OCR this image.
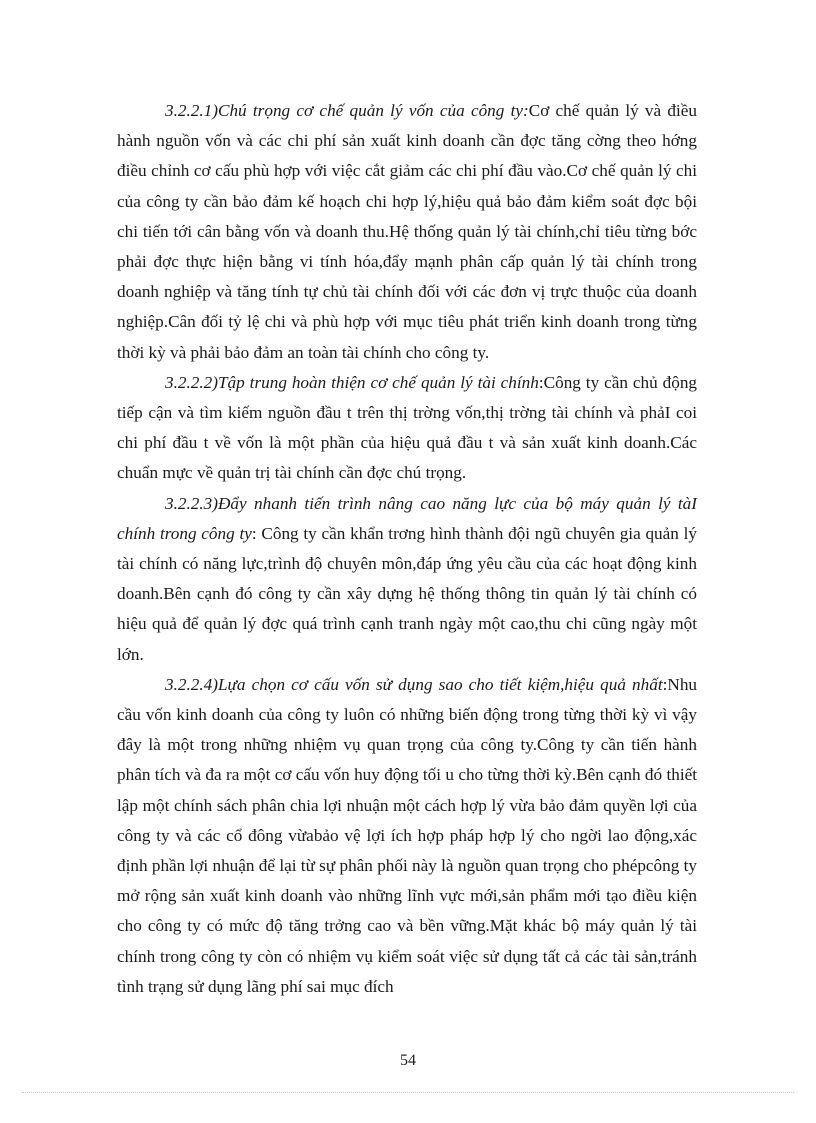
3.2.2.1)Chú trọng cơ chế quản lý vốn của công ty:Cơ chế quản lý và điều hành nguồn vốn và các chi phí sản xuất kinh doanh cần đợc tăng cờng theo hớng điều chỉnh cơ cấu phù hợp với việc cắt giảm các chi phí đầu vào.Cơ chế quản lý chi của công ty cần bảo đảm kế hoạch chi hợp lý,hiệu quả bảo đảm kiểm soát đợc bội chi tiến tới cân bằng vốn và doanh thu.Hệ thống quản lý tài chính,chỉ tiêu từng bớc phải đợc thực hiện bằng vi tính hóa,đẩy mạnh phân cấp quản lý tài chính trong doanh nghiệp và tăng tính tự chủ tài chính đối với các đơn vị trực thuộc của doanh nghiệp.Cân đối tỷ lệ chi và phù hợp với mục tiêu phát triển kinh doanh trong từng thời kỳ và phải bảo đảm an toàn tài chính cho công ty.

3.2.2.2)Tập trung hoàn thiện cơ chế quản lý tài chính:Công ty cần chủ động tiếp cận và tìm kiếm nguồn đầu t trên thị trờng vốn,thị trờng tài chính và phảI coi chi phí đầu t về vốn là một phần của hiệu quả đầu t và sản xuất kinh doanh.Các chuẩn mực về quản trị tài chính cần đợc chú trọng.

3.2.2.3)Đẩy nhanh tiến trình nâng cao năng lực của bộ máy quản lý tàI chính trong công ty: Công ty cần khẩn trơng hình thành đội ngũ chuyên gia quản lý tài chính có năng lực,trình độ chuyên môn,đáp ứng yêu cầu của các hoạt động kinh doanh.Bên cạnh đó công ty cần xây dựng hệ thống thông tin quản lý tài chính có hiệu quả để quản lý đợc quá trình cạnh tranh ngày một cao,thu chi cũng ngày một lớn.

3.2.2.4)Lựa chọn cơ cấu vốn sử dụng sao cho tiết kiệm,hiệu quả nhất:Nhu cầu vốn kinh doanh của công ty luôn có những biến động trong từng thời kỳ vì vậy đây là một trong những nhiệm vụ quan trọng của công ty.Công ty cần tiến hành phân tích và đa ra một cơ cấu vốn huy động tối u cho từng thời kỳ.Bên cạnh đó thiết lập một chính sách phân chia lợi nhuận một cách hợp lý vừa bảo đảm quyền lợi của công ty và các cổ đông vừabảo vệ lợi ích hợp pháp hợp lý cho ngời lao động,xác định phần lợi nhuận để lại từ sự phân phối này là nguồn quan trọng cho phépcông ty mở rộng sản xuất kinh doanh vào những lĩnh vực mới,sản phẩm mới tạo điều kiện cho công ty có mức độ tăng trởng cao và bền vững.Mặt khác bộ máy quản lý tài chính trong công ty còn có nhiệm vụ kiểm soát việc sử dụng tất cả các tài sản,tránh tình trạng sử dụng lãng phí sai mục đích

54
